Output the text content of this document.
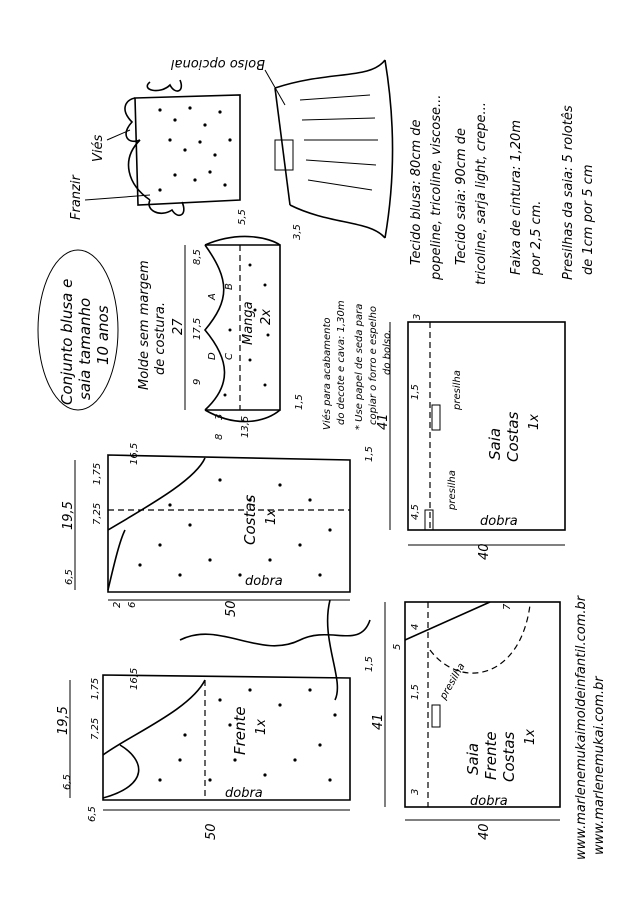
Conjunto blusa e saia tamanho 10 anos Molde sem margem de costura.
Viés
Franzir
Bolso opcional
Tecido blusa: 80cm de popeline, tricoline, viscose... Tecido saia: 90cm de tricoline, sarja light, crepe... Faixa de cintura: 1,20m por 2,5 cm. Presilhas da saia: 5 rolotês de 1cm por 5 cm
Viés para acabamento do decote e cava: 1,30m * Use papel de seda para copiar o forro e espelho do bolso.
Manga 2x
A
B
C
D
27
8,5
5,5
3,5
17,5
9
1,5
3 13,5
8
Costas 1x
dobra
50
19,5
16,5
6,5
7,25
1,75
1,5
2 6
Frente 1x
dobra
50
19,5
16,5
6,5
7,25
1,75
1,5
6,5
presilha
presilha
Saia Costas 1x
dobra
41
40
3
1,5
4,5
presilha
Saia Frente Costas 1x
dobra
41
40
3
5
7
4
1,5	www.marlenemukaimoldeinfantil.com.br www.marlenemukai.com.br
